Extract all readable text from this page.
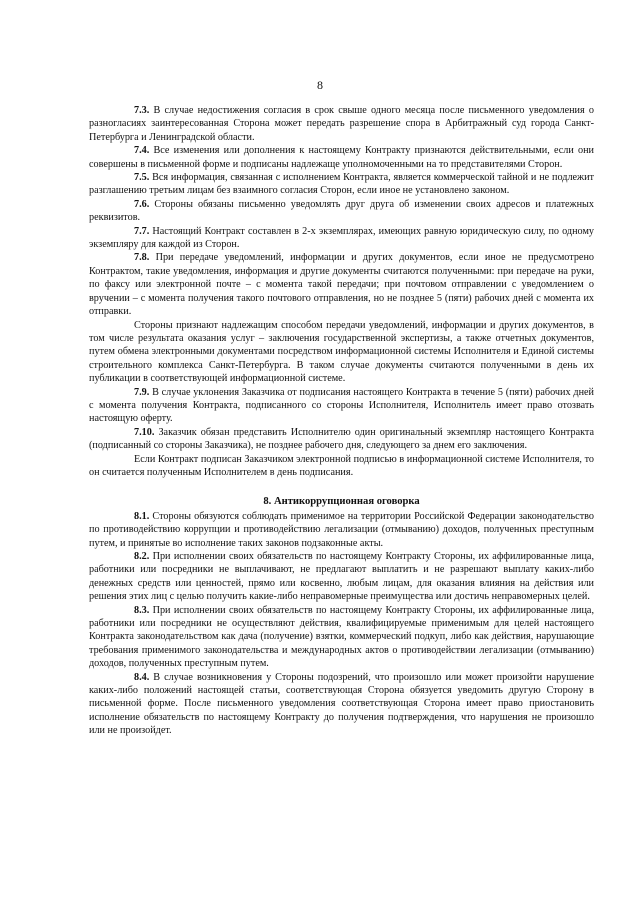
8

7.3. В случае недостижения согласия в срок свыше одного месяца после письменного уведомления о разногласиях заинтересованная Сторона может передать разрешение спора в Арбитражный суд города Санкт-Петербурга и Ленинградской области.

7.4. Все изменения или дополнения к настоящему Контракту признаются действительными, если они совершены в письменной форме и подписаны надлежаще уполномоченными на то представителями Сторон.

7.5. Вся информация, связанная с исполнением Контракта, является коммерческой тайной и не подлежит разглашению третьим лицам без взаимного согласия Сторон, если иное не установлено законом.

7.6. Стороны обязаны письменно уведомлять друг друга об изменении своих адресов и платежных реквизитов.

7.7. Настоящий Контракт составлен в 2-х экземплярах, имеющих равную юридическую силу, по одному экземпляру для каждой из Сторон.

7.8. При передаче уведомлений, информации и других документов, если иное не предусмотрено Контрактом, такие уведомления, информация и другие документы считаются полученными: при передаче на руки, по факсу или электронной почте – с момента такой передачи; при почтовом отправлении с уведомлением о вручении – с момента получения такого почтового отправления, но не позднее 5 (пяти) рабочих дней с момента их отправки.

Стороны признают надлежащим способом передачи уведомлений, информации и других документов, в том числе результата оказания услуг – заключения государственной экспертизы, а также отчетных документов, путем обмена электронными документами посредством информационной системы Исполнителя и Единой системы строительного комплекса Санкт-Петербурга. В таком случае документы считаются полученными в день их публикации в соответствующей информационной системе.

7.9. В случае уклонения Заказчика от подписания настоящего Контракта в течение 5 (пяти) рабочих дней с момента получения Контракта, подписанного со стороны Исполнителя, Исполнитель имеет право отозвать настоящую оферту.

7.10. Заказчик обязан представить Исполнителю один оригинальный экземпляр настоящего Контракта (подписанный со стороны Заказчика), не позднее рабочего дня, следующего за днем его заключения.

Если Контракт подписан Заказчиком электронной подписью в информационной системе Исполнителя, то он считается полученным Исполнителем в день подписания.

8. Антикоррупционная оговорка

8.1. Стороны обязуются соблюдать применимое на территории Российской Федерации законодательство по противодействию коррупции и противодействию легализации (отмыванию) доходов, полученных преступным путем, и принятые во исполнение таких законов подзаконные акты.

8.2. При исполнении своих обязательств по настоящему Контракту Стороны, их аффилированные лица, работники или посредники не выплачивают, не предлагают выплатить и не разрешают выплату каких-либо денежных средств или ценностей, прямо или косвенно, любым лицам, для оказания влияния на действия или решения этих лиц с целью получить какие-либо неправомерные преимущества или достичь неправомерных целей.

8.3. При исполнении своих обязательств по настоящему Контракту Стороны, их аффилированные лица, работники или посредники не осуществляют действия, квалифицируемые применимым для целей настоящего Контракта законодательством как дача (получение) взятки, коммерческий подкуп, либо как действия, нарушающие требования применимого законодательства и международных актов о противодействии легализации (отмыванию) доходов, полученных преступным путем.

8.4. В случае возникновения у Стороны подозрений, что произошло или может произойти нарушение каких-либо положений настоящей статьи, соответствующая Сторона обязуется уведомить другую Сторону в письменной форме. После письменного уведомления соответствующая Сторона имеет право приостановить исполнение обязательств по настоящему Контракту до получения подтверждения, что нарушения не произошло или не произойдет.
